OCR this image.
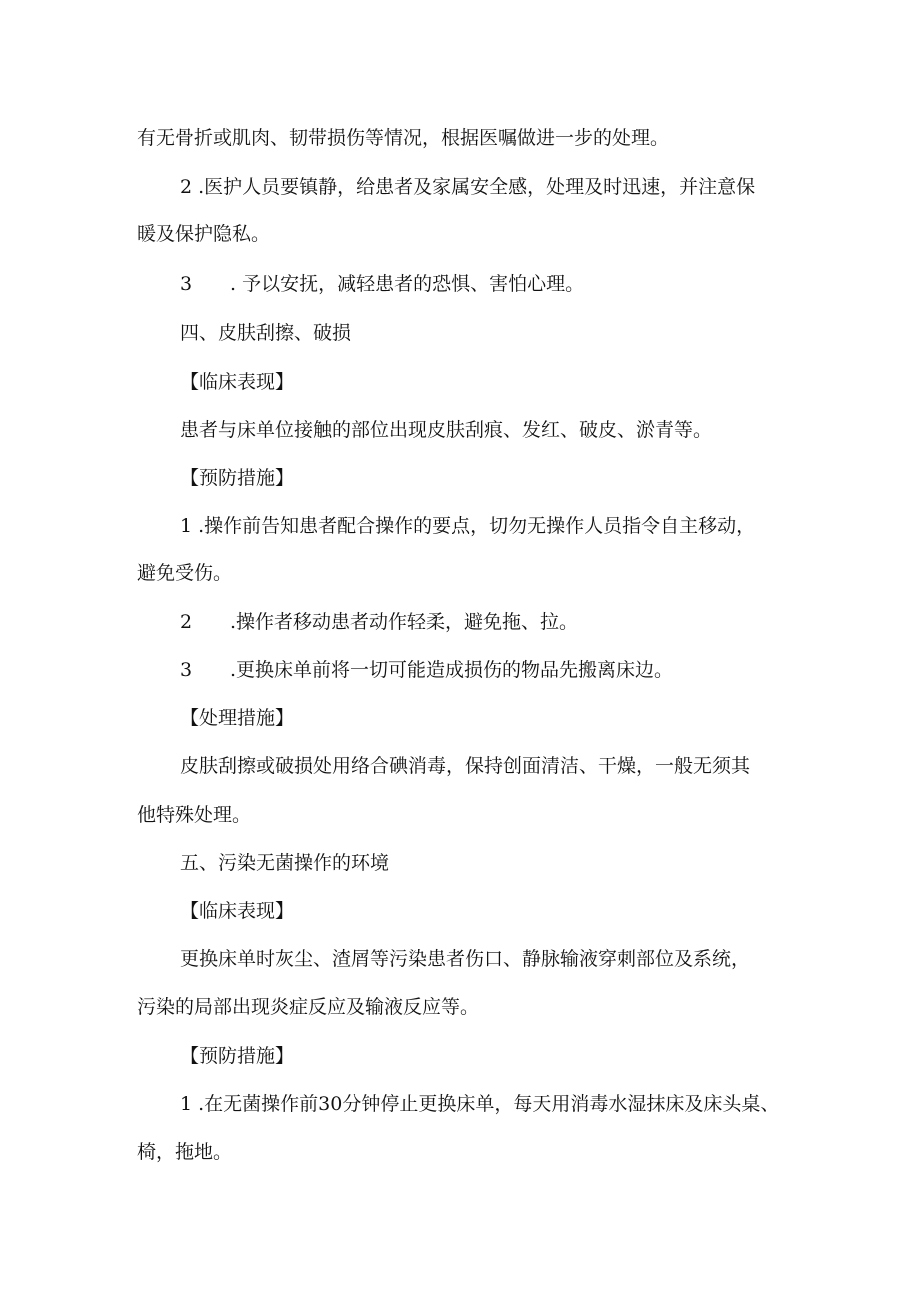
有无骨折或肌肉、韧带损伤等情况，根据医嘱做进一步的处理。
2 .医护人员要镇静，给患者及家属安全感，处理及时迅速，并注意保
暖及保护隐私。
3 . 予以安抚，减轻患者的恐惧、害怕心理。
四、皮肤刮擦、破损
【临床表现】
患者与床单位接触的部位出现皮肤刮痕、发红、破皮、淤青等。
【预防措施】
1 .操作前告知患者配合操作的要点，切勿无操作人员指令自主移动，
避免受伤。
2 .操作者移动患者动作轻柔，避免拖、拉。
3 .更换床单前将一切可能造成损伤的物品先搬离床边。
【处理措施】
皮肤刮擦或破损处用络合碘消毒，保持创面清洁、干燥，一般无须其
他特殊处理。
五、污染无菌操作的环境
【临床表现】
更换床单时灰尘、渣屑等污染患者伤口、静脉输液穿刺部位及系统，
污染的局部出现炎症反应及输液反应等。
【预防措施】
1 .在无菌操作前30分钟停止更换床单，每天用消毒水湿抹床及床头桌、
椅，拖地。
